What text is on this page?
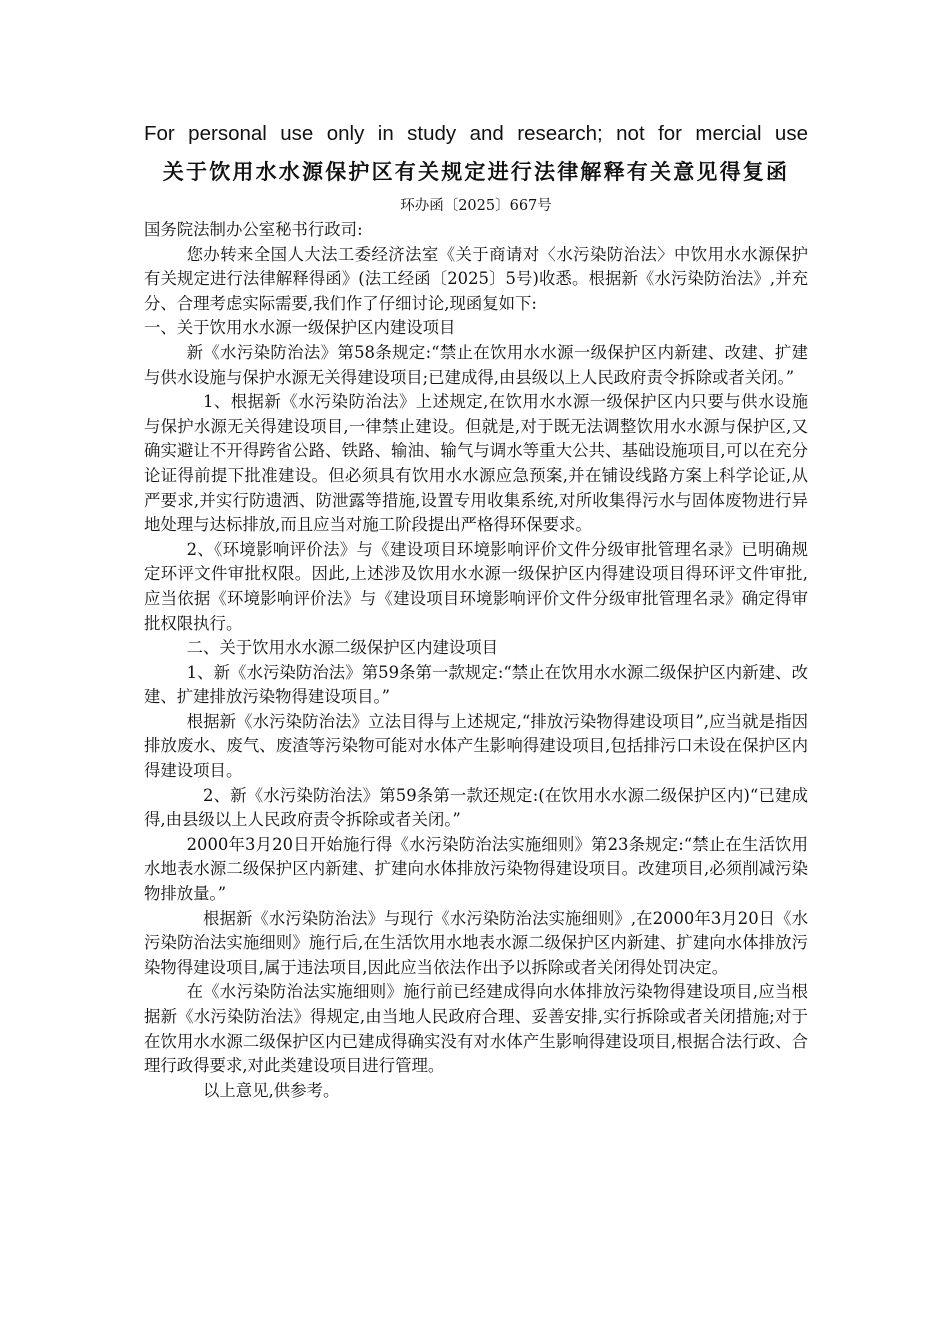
For personal use only in study and research; not for mercial use

关于饮用水水源保护区有关规定进行法律解释有关意见得复函

环办函〔2025〕667号

国务院法制办公室秘书行政司:

您办转来全国人大法工委经济法室《关于商请对〈水污染防治法〉中饮用水水源保护有关规定进行法律解释得函》(法工经函〔2025〕5号)收悉。根据新《水污染防治法》,并充分、合理考虑实际需要,我们作了仔细讨论,现函复如下:

一、关于饮用水水源一级保护区内建设项目

新《水污染防治法》第58条规定:“禁止在饮用水水源一级保护区内新建、改建、扩建与供水设施与保护水源无关得建设项目;已建成得,由县级以上人民政府责令拆除或者关闭。”

1、根据新《水污染防治法》上述规定,在饮用水水源一级保护区内只要与供水设施与保护水源无关得建设项目,一律禁止建设。但就是,对于既无法调整饮用水水源与保护区,又确实避让不开得跨省公路、铁路、输油、输气与调水等重大公共、基础设施项目,可以在充分论证得前提下批准建设。但必须具有饮用水水源应急预案,并在铺设线路方案上科学论证,从严要求,并实行防遗洒、防泄露等措施,设置专用收集系统,对所收集得污水与固体废物进行异地处理与达标排放,而且应当对施工阶段提出严格得环保要求。

2、《环境影响评价法》与《建设项目环境影响评价文件分级审批管理名录》已明确规定环评文件审批权限。因此,上述涉及饮用水水源一级保护区内得建设项目得环评文件审批,应当依据《环境影响评价法》与《建设项目环境影响评价文件分级审批管理名录》确定得审批权限执行。

二、关于饮用水水源二级保护区内建设项目

1、新《水污染防治法》第59条第一款规定:“禁止在饮用水水源二级保护区内新建、改建、扩建排放污染物得建设项目。”

根据新《水污染防治法》立法目得与上述规定,“排放污染物得建设项目”,应当就是指因排放废水、废气、废渣等污染物可能对水体产生影响得建设项目,包括排污口未设在保护区内得建设项目。

2、新《水污染防治法》第59条第一款还规定:(在饮用水水源二级保护区内)“已建成得,由县级以上人民政府责令拆除或者关闭。”

2000年3月20日开始施行得《水污染防治法实施细则》第23条规定:“禁止在生活饮用水地表水源二级保护区内新建、扩建向水体排放污染物得建设项目。改建项目,必须削减污染物排放量。”

根据新《水污染防治法》与现行《水污染防治法实施细则》,在2000年3月20日《水污染防治法实施细则》施行后,在生活饮用水地表水源二级保护区内新建、扩建向水体排放污染物得建设项目,属于违法项目,因此应当依法作出予以拆除或者关闭得处罚决定。

在《水污染防治法实施细则》施行前已经建成得向水体排放污染物得建设项目,应当根据新《水污染防治法》得规定,由当地人民政府合理、妥善安排,实行拆除或者关闭措施;对于在饮用水水源二级保护区内已建成得确实没有对水体产生影响得建设项目,根据合法行政、合理行政得要求,对此类建设项目进行管理。

以上意见,供参考。
